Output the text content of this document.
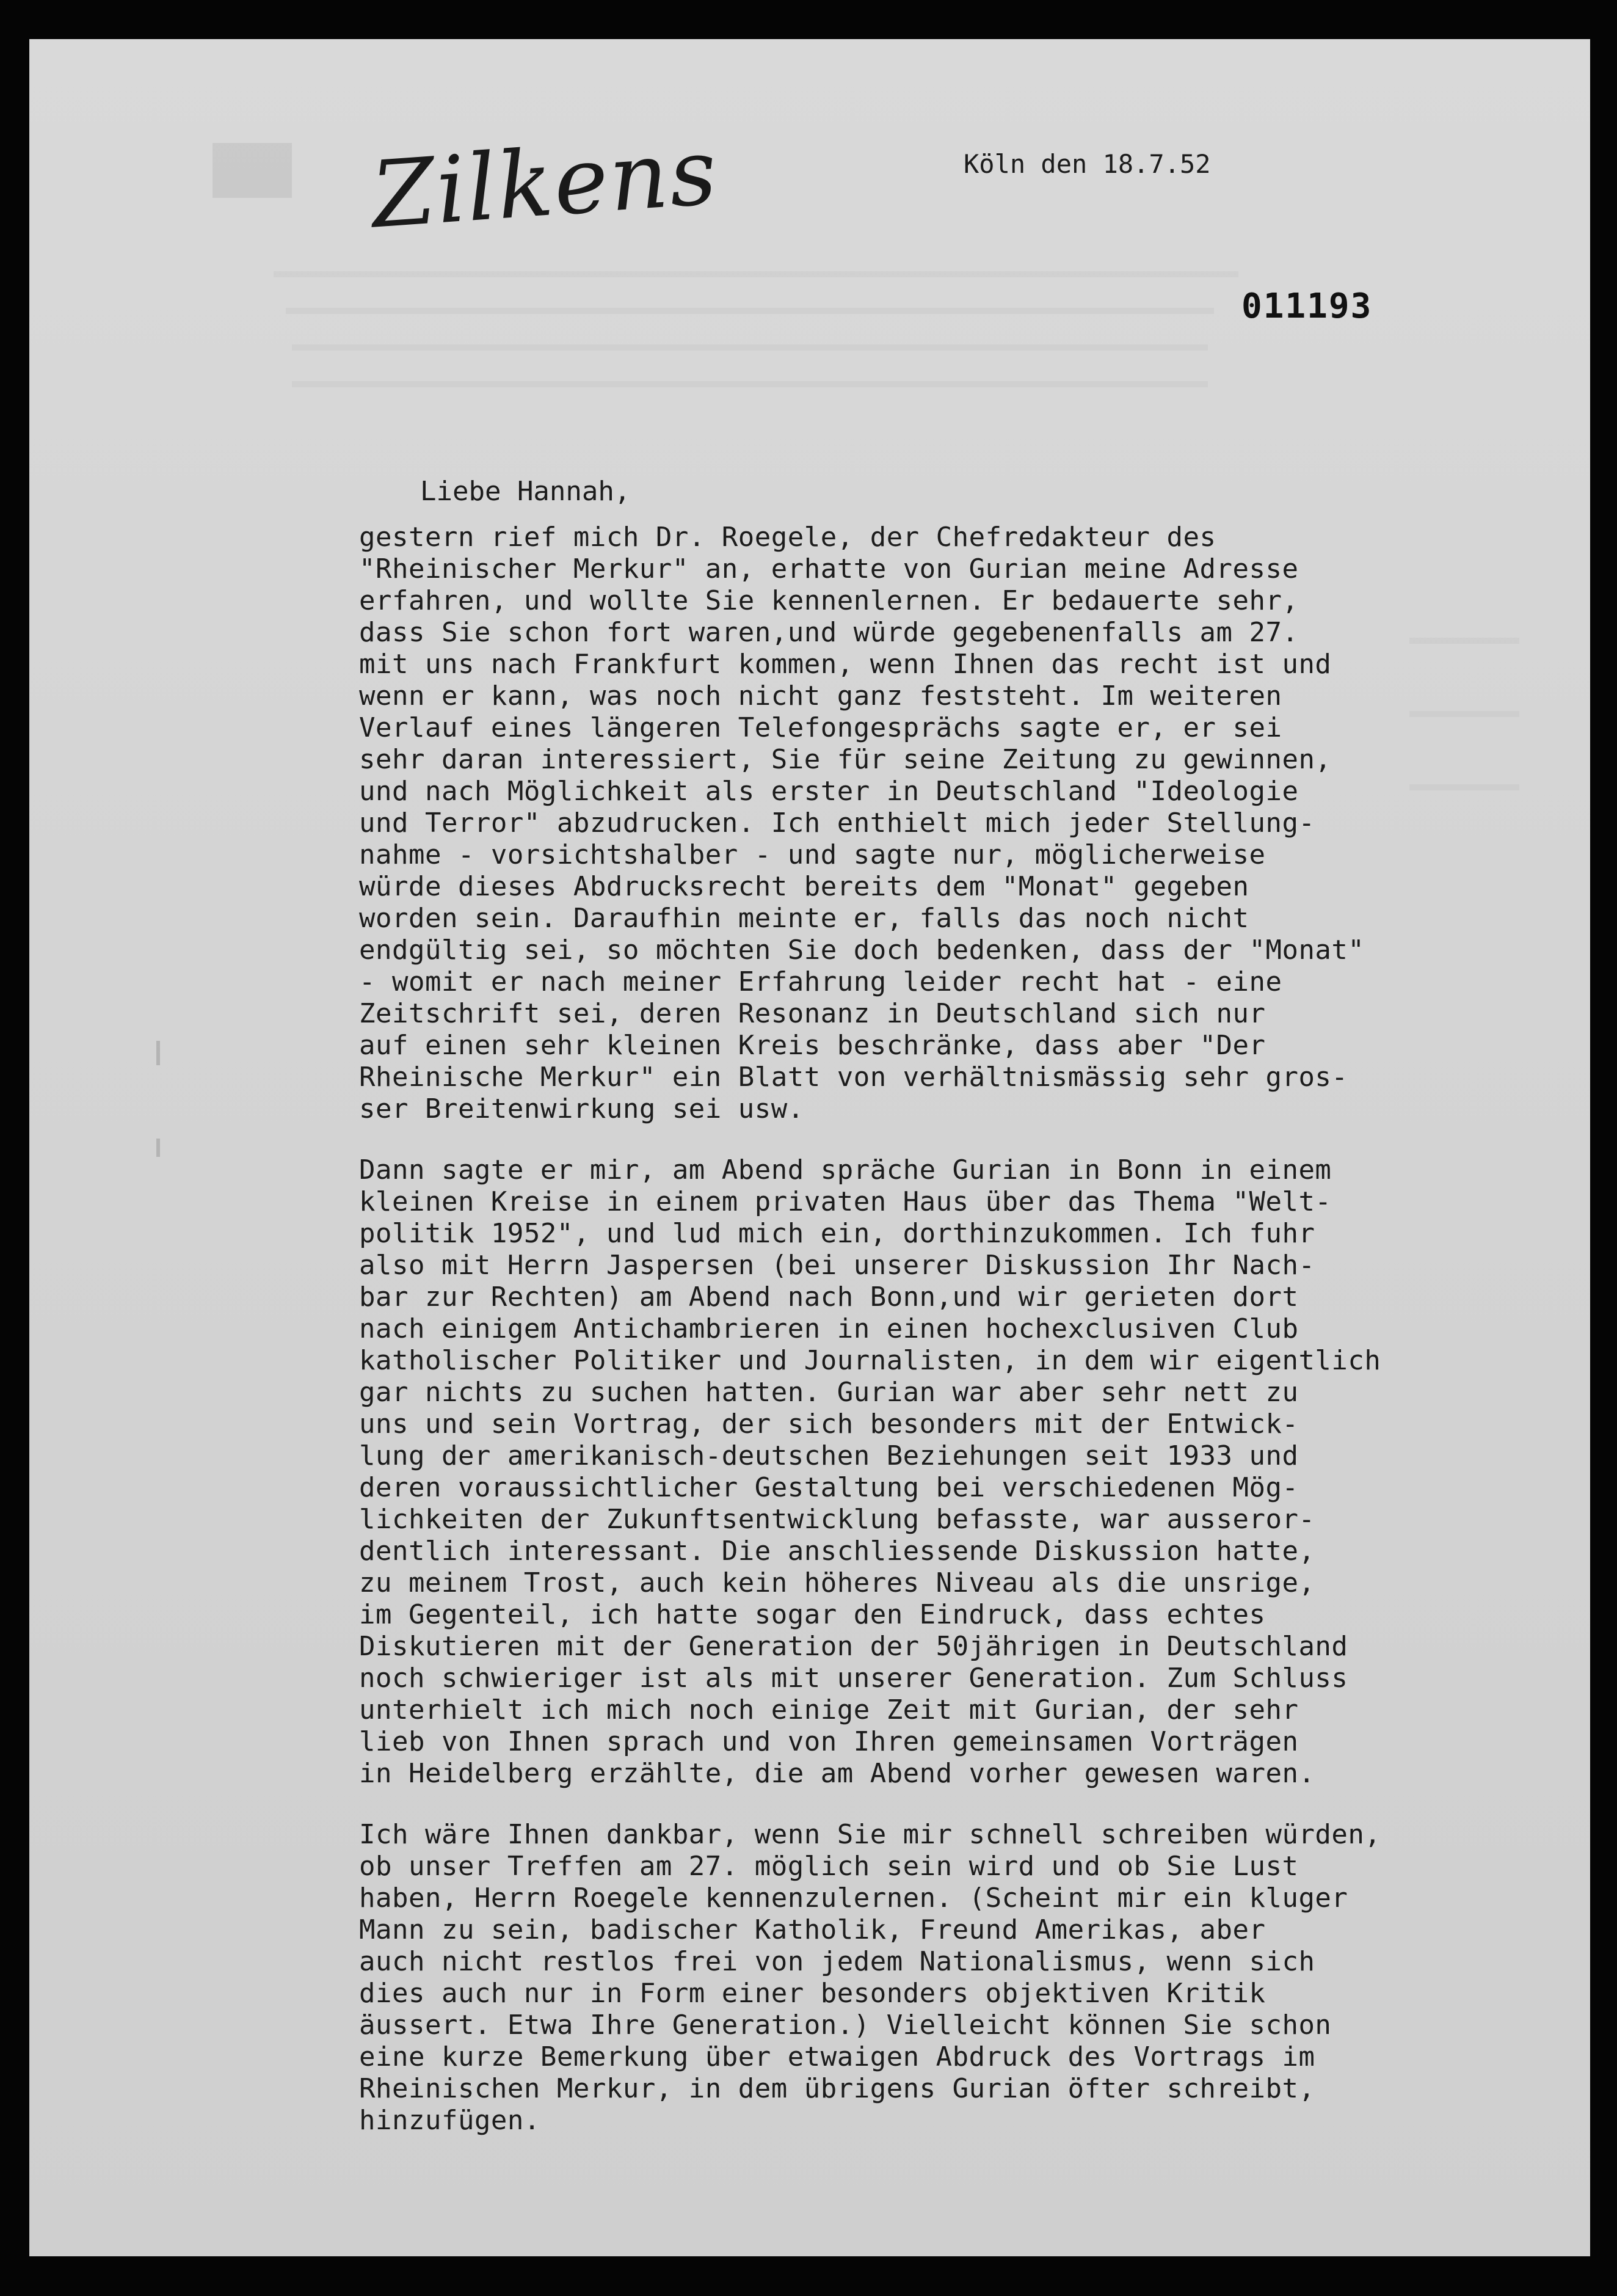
Zilkens	Köln den 18.7.52
011193
Liebe Hannah,
gestern rief mich Dr. Roegele, der Chefredakteur des
"Rheinischer Merkur" an, erhatte von Gurian meine Adresse
erfahren, und wollte Sie kennenlernen. Er bedauerte sehr,
dass Sie schon fort waren,und würde gegebenenfalls am 27.
mit uns nach Frankfurt kommen, wenn Ihnen das recht ist und
wenn er kann, was noch nicht ganz feststeht. Im weiteren
Verlauf eines längeren Telefongesprächs sagte er, er sei
sehr daran interessiert, Sie für seine Zeitung zu gewinnen,
und nach Möglichkeit als erster in Deutschland "Ideologie
und Terror" abzudrucken. Ich enthielt mich jeder Stellung-
nahme - vorsichtshalber - und sagte nur, möglicherweise
würde dieses Abdrucksrecht bereits dem "Monat" gegeben
worden sein. Daraufhin meinte er, falls das noch nicht
endgültig sei, so möchten Sie doch bedenken, dass der "Monat"
- womit er nach meiner Erfahrung leider recht hat - eine
Zeitschrift sei, deren Resonanz in Deutschland sich nur
auf einen sehr kleinen Kreis beschränke, dass aber "Der
Rheinische Merkur" ein Blatt von verhältnismässig sehr gros-
ser Breitenwirkung sei usw.
Dann sagte er mir, am Abend spräche Gurian in Bonn in einem
kleinen Kreise in einem privaten Haus über das Thema "Welt-
politik 1952", und lud mich ein, dorthinzukommen. Ich fuhr
also mit Herrn Jaspersen (bei unserer Diskussion Ihr Nach-
bar zur Rechten) am Abend nach Bonn,und wir gerieten dort
nach einigem Antichambrieren in einen hochexclusiven Club
katholischer Politiker und Journalisten, in dem wir eigentlich
gar nichts zu suchen hatten. Gurian war aber sehr nett zu
uns und sein Vortrag, der sich besonders mit der Entwick-
lung der amerikanisch-deutschen Beziehungen seit 1933 und
deren voraussichtlicher Gestaltung bei verschiedenen Mög-
lichkeiten der Zukunftsentwicklung befasste, war ausseror-
dentlich interessant. Die anschliessende Diskussion hatte,
zu meinem Trost, auch kein höheres Niveau als die unsrige,
im Gegenteil, ich hatte sogar den Eindruck, dass echtes
Diskutieren mit der Generation der 50jährigen in Deutschland
noch schwieriger ist als mit unserer Generation. Zum Schluss
unterhielt ich mich noch einige Zeit mit Gurian, der sehr
lieb von Ihnen sprach und von Ihren gemeinsamen Vorträgen
in Heidelberg erzählte, die am Abend vorher gewesen waren.
Ich wäre Ihnen dankbar, wenn Sie mir schnell schreiben würden,
ob unser Treffen am 27. möglich sein wird und ob Sie Lust
haben, Herrn Roegele kennenzulernen. (Scheint mir ein kluger
Mann zu sein, badischer Katholik, Freund Amerikas, aber
auch nicht restlos frei von jedem Nationalismus, wenn sich
dies auch nur in Form einer besonders objektiven Kritik
äussert. Etwa Ihre Generation.) Vielleicht können Sie schon
eine kurze Bemerkung über etwaigen Abdruck des Vortrags im
Rheinischen Merkur, in dem übrigens Gurian öfter schreibt,
hinzufügen.
